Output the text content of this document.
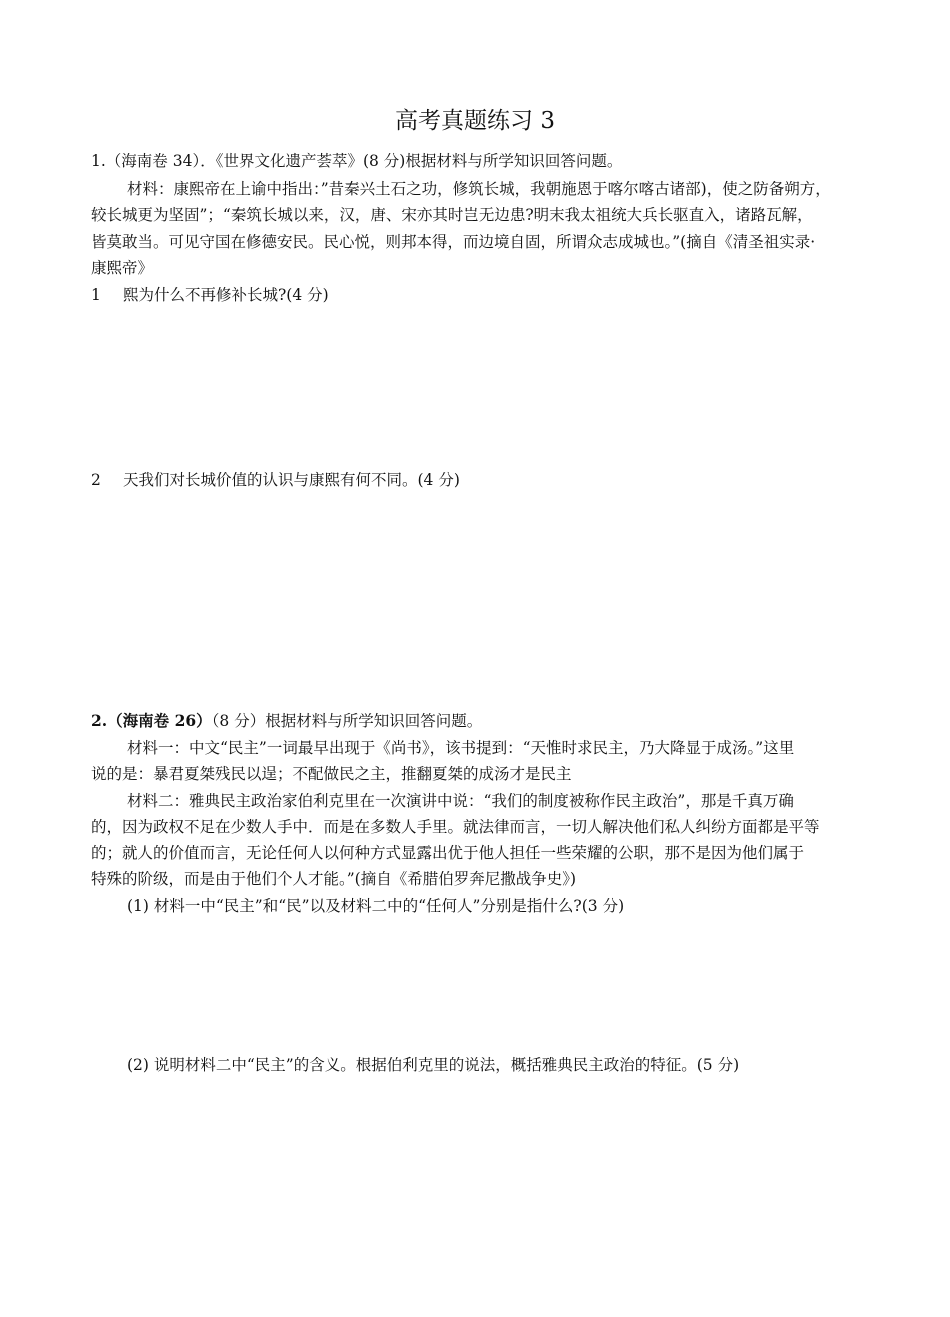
高考真题练习 3
1.（海南卷 34）．《世界文化遗产荟萃》(8 分)根据材料与所学知识回答问题。
材料：康熙帝在上谕中指出：”昔秦兴土石之功，修筑长城，我朝施恩于喀尔喀古诸部)，使之防备朔方，
较长城更为坚固”；“秦筑长城以来，汉，唐、宋亦其时岂无边患?明末我太祖统大兵长驱直入，诸路瓦解，
皆莫敢当。可见守国在修德安民。民心悦，则邦本得，而边境自固，所谓众志成城也。”(摘自《清圣祖实录·
康熙帝》
1 熙为什么不再修补长城?(4 分)
2 天我们对长城价值的认识与康熙有何不同。(4 分)
2.（海南卷 26）（8 分）根据材料与所学知识回答问题。
材料一：中文“民主”一词最早出现于《尚书》，该书提到：“天惟时求民主，乃大降显于成汤。”这里
说的是：暴君夏桀残民以逞；不配做民之主，推翻夏桀的成汤才是民主
材料二：雅典民主政治家伯利克里在一次演讲中说：“我们的制度被称作民主政治”，那是千真万确
的，因为政权不足在少数人手中．而是在多数人手里。就法律而言，一切人解决他们私人纠纷方面都是平等
的；就人的价值而言，无论任何人以何种方式显露出优于他人担任一些荣耀的公职，那不是因为他们属于
特殊的阶级，而是由于他们个人才能。”(摘自《希腊伯罗奔尼撒战争史》)
(1) 材料一中“民主”和“民”以及材料二中的“任何人”分别是指什么?(3 分)
(2) 说明材料二中“民主”的含义。根据伯利克里的说法，概括雅典民主政治的特征。(5 分)
